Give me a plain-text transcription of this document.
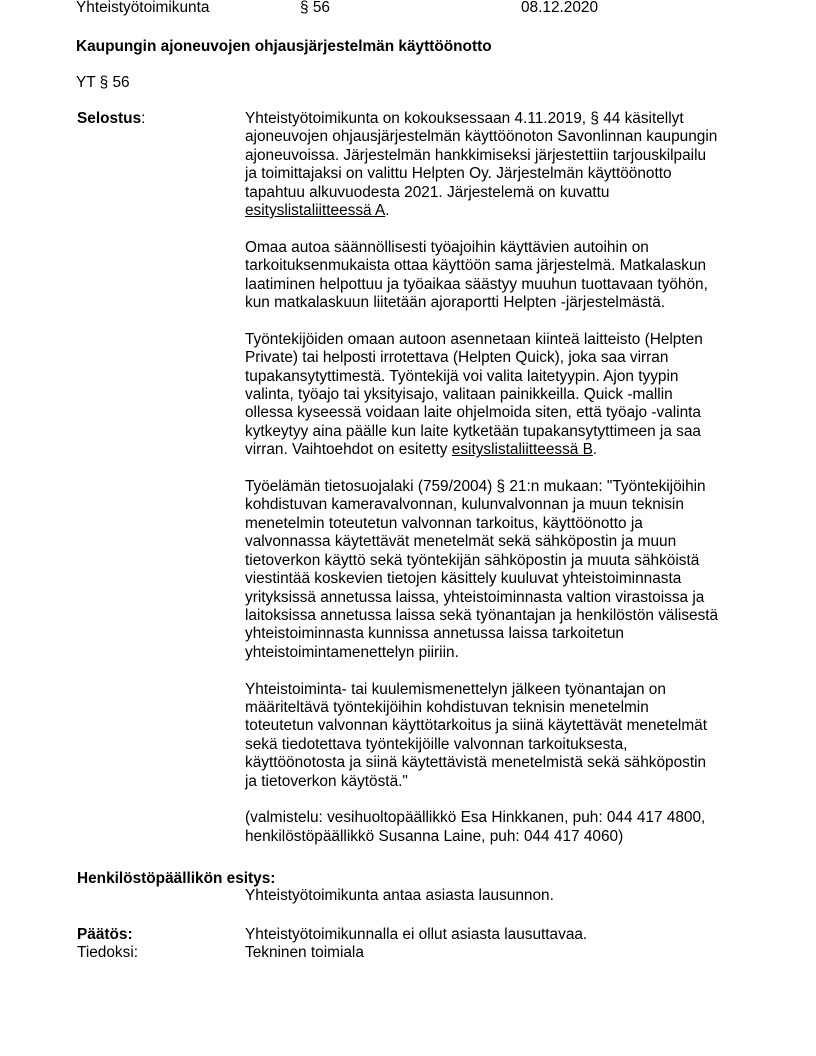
Yhteistyötoimikunta	§ 56	08.12.2020
Kaupungin ajoneuvojen ohjausjärjestelmän käyttöönotto
YT § 56
Selostus:	Yhteistyötoimikunta on kokouksessaan 4.11.2019, § 44 käsitellyt
ajoneuvojen ohjausjärjestelmän käyttöönoton Savonlinnan kaupungin
ajoneuvoissa. Järjestelmän hankkimiseksi järjestettiin tarjouskilpailu
ja toimittajaksi on valittu Helpten Oy. Järjestelmän käyttöönotto
tapahtuu alkuvuodesta 2021. Järjestelemä on kuvattu
esityslistaliitteessä A.

Omaa autoa säännöllisesti työajoihin käyttävien autoihin on
tarkoituksenmukaista ottaa käyttöön sama järjestelmä. Matkalaskun
laatiminen helpottuu ja työaikaa säästyy muuhun tuottavaan työhön,
kun matkalaskuun liitetään ajoraportti Helpten -järjestelmästä.

Työntekijöiden omaan autoon asennetaan kiinteä laitteisto (Helpten
Private) tai helposti irrotettava (Helpten Quick), joka saa virran
tupakansytyttimestä. Työntekijä voi valita laitetyypin. Ajon tyypin
valinta, työajo tai yksityisajo, valitaan painikkeilla. Quick -mallin
ollessa kyseessä voidaan laite ohjelmoida siten, että työajo -valinta
kytkeytyy aina päälle kun laite kytketään tupakansytyttimeen ja saa
virran. Vaihtoehdot on esitetty esityslistaliitteessä B.

Työelämän tietosuojalaki (759/2004) § 21:n mukaan: "Työntekijöihin
kohdistuvan kameravalvonnan, kulunvalvonnan ja muun teknisin
menetelmin toteutetun valvonnan tarkoitus, käyttöönotto ja
valvonnassa käytettävät menetelmät sekä sähköpostin ja muun
tietoverkon käyttö sekä työntekijän sähköpostin ja muuta sähköistä
viestintää koskevien tietojen käsittely kuuluvat yhteistoiminnasta
yrityksissä annetussa laissa, yhteistoiminnasta valtion virastoissa ja
laitoksissa annetussa laissa sekä työnantajan ja henkilöstön välisestä
yhteistoiminnasta kunnissa annetussa laissa tarkoitetun
yhteistoimintamenettelyn piiriin.

Yhteistoiminta- tai kuulemismenettelyn jälkeen työnantajan on
määriteltävä työntekijöihin kohdistuvan teknisin menetelmin
toteutetun valvonnan käyttötarkoitus ja siinä käytettävät menetelmät
sekä tiedotettava työntekijöille valvonnan tarkoituksesta,
käyttöönotosta ja siinä käytettävistä menetelmistä sekä sähköpostin
ja tietoverkon käytöstä."

(valmistelu: vesihuoltopäällikkö Esa Hinkkanen, puh: 044 417 4800,
henkilöstöpäällikkö Susanna Laine, puh: 044 417 4060)

Henkilöstöpäällikön esitys:
Yhteistyötoimikunta antaa asiasta lausunnon.
Päätös:	Yhteistyötoimikunnalla ei ollut asiasta lausuttavaa.
Tiedoksi:	Tekninen toimiala
